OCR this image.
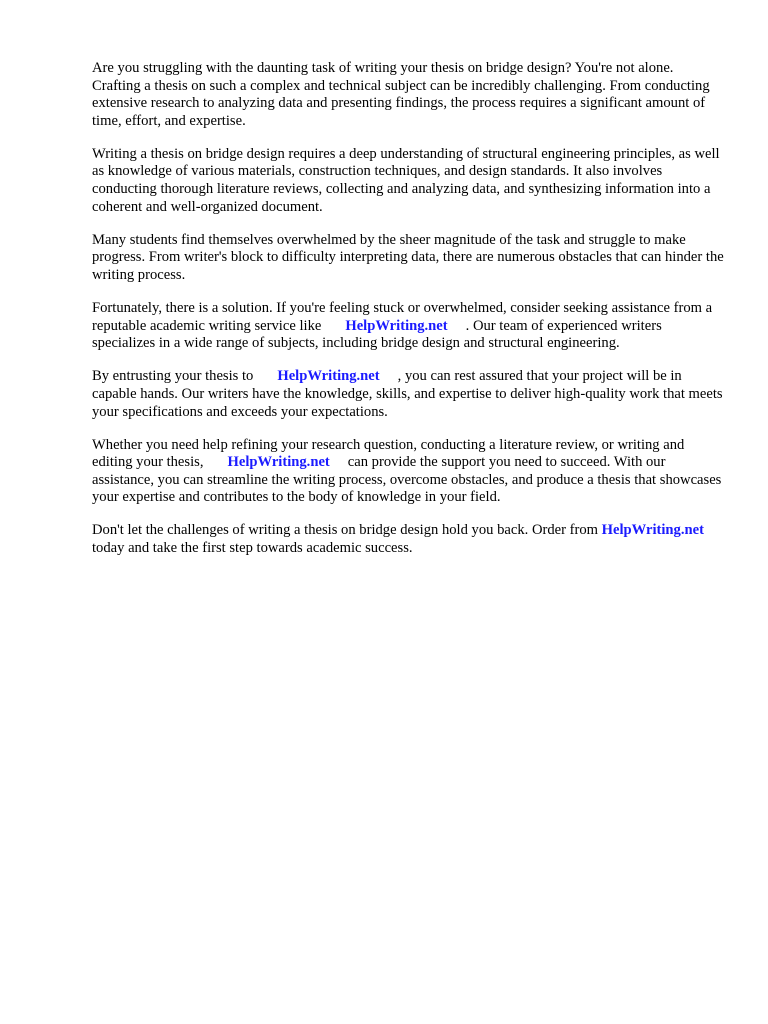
Are you struggling with the daunting task of writing your thesis on bridge design? You're not alone. Crafting a thesis on such a complex and technical subject can be incredibly challenging. From conducting extensive research to analyzing data and presenting findings, the process requires a significant amount of time, effort, and expertise.

Writing a thesis on bridge design requires a deep understanding of structural engineering principles, as well as knowledge of various materials, construction techniques, and design standards. It also involves conducting thorough literature reviews, collecting and analyzing data, and synthesizing information into a coherent and well-organized document.

Many students find themselves overwhelmed by the sheer magnitude of the task and struggle to make progress. From writer's block to difficulty interpreting data, there are numerous obstacles that can hinder the writing process.

Fortunately, there is a solution. If you're feeling stuck or overwhelmed, consider seeking assistance from a reputable academic writing service like HelpWriting.net . Our team of experienced writers specializes in a wide range of subjects, including bridge design and structural engineering.

By entrusting your thesis to HelpWriting.net , you can rest assured that your project will be in capable hands. Our writers have the knowledge, skills, and expertise to deliver high-quality work that meets your specifications and exceeds your expectations.

Whether you need help refining your research question, conducting a literature review, or writing and editing your thesis, HelpWriting.net can provide the support you need to succeed. With our assistance, you can streamline the writing process, overcome obstacles, and produce a thesis that showcases your expertise and contributes to the body of knowledge in your field.

Don't let the challenges of writing a thesis on bridge design hold you back. Order from HelpWriting.nettoday and take the first step towards academic success.
